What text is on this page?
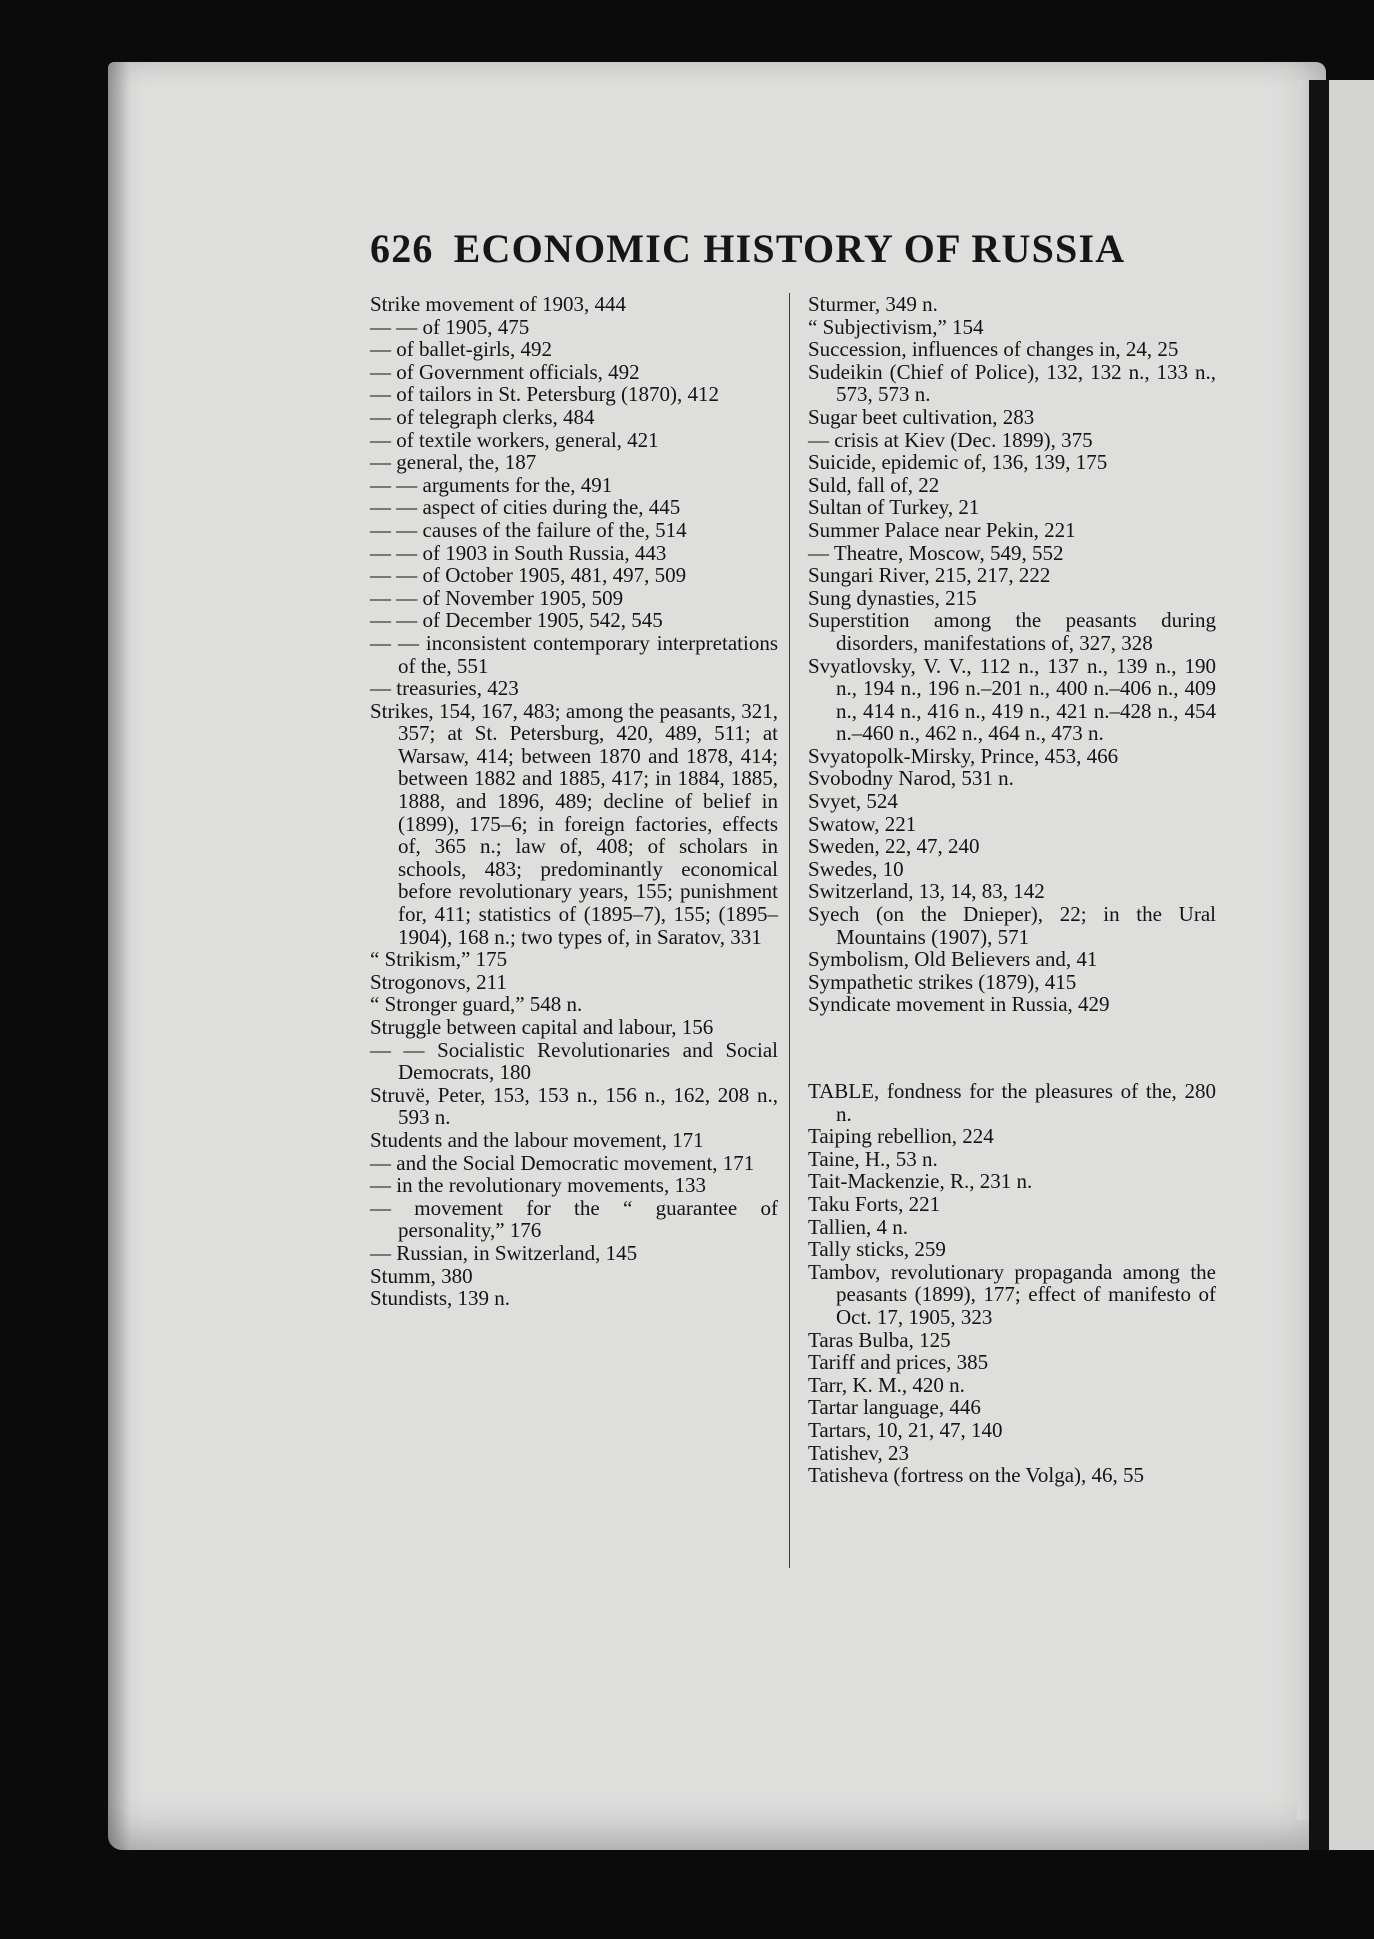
626 ECONOMIC HISTORY OF RUSSIA

Strike movement of 1903, 444

— — of 1905, 475

— of ballet-girls, 492

— of Government officials, 492

— of tailors in St. Petersburg (1870), 412

— of telegraph clerks, 484

— of textile workers, general, 421

— general, the, 187

— — arguments for the, 491

— — aspect of cities during the, 445

— — causes of the failure of the, 514

— — of 1903 in South Russia, 443

— — of October 1905, 481, 497, 509

— — of November 1905, 509

— — of December 1905, 542, 545

— — inconsistent contemporary interpretations of the, 551

— treasuries, 423

Strikes, 154, 167, 483; among the peasants, 321, 357; at St. Petersburg, 420, 489, 511; at Warsaw, 414; between 1870 and 1878, 414; between 1882 and 1885, 417; in 1884, 1885, 1888, and 1896, 489; decline of belief in (1899), 175–6; in foreign factories, effects of, 365 n.; law of, 408; of scholars in schools, 483; predominantly economical before revolutionary years, 155; punishment for, 411; statistics of (1895–7), 155; (1895–1904), 168 n.; two types of, in Saratov, 331

“ Strikism,” 175

Strogonovs, 211

“ Stronger guard,” 548 n.

Struggle between capital and labour, 156

— — Socialistic Revolutionaries and Social Democrats, 180

Struvë, Peter, 153, 153 n., 156 n., 162, 208 n., 593 n.

Students and the labour movement, 171

— and the Social Democratic movement, 171

— in the revolutionary movements, 133

— movement for the “ guarantee of personality,” 176

— Russian, in Switzerland, 145

Stumm, 380

Stundists, 139 n.

Sturmer, 349 n.

“ Subjectivism,” 154

Succession, influences of changes in, 24, 25

Sudeikin (Chief of Police), 132, 132 n., 133 n., 573, 573 n.

Sugar beet cultivation, 283

— crisis at Kiev (Dec. 1899), 375

Suicide, epidemic of, 136, 139, 175

Suld, fall of, 22

Sultan of Turkey, 21

Summer Palace near Pekin, 221

— Theatre, Moscow, 549, 552

Sungari River, 215, 217, 222

Sung dynasties, 215

Superstition among the peasants during disorders, manifestations of, 327, 328

Svyatlovsky, V. V., 112 n., 137 n., 139 n., 190 n., 194 n., 196 n.–201 n., 400 n.–406 n., 409 n., 414 n., 416 n., 419 n., 421 n.–428 n., 454 n.–460 n., 462 n., 464 n., 473 n.

Svyatopolk-Mirsky, Prince, 453, 466

Svobodny Narod, 531 n.

Svyet, 524

Swatow, 221

Sweden, 22, 47, 240

Swedes, 10

Switzerland, 13, 14, 83, 142

Syech (on the Dnieper), 22; in the Ural Mountains (1907), 571

Symbolism, Old Believers and, 41

Sympathetic strikes (1879), 415

Syndicate movement in Russia, 429

TABLE, fondness for the pleasures of the, 280 n.

Taiping rebellion, 224

Taine, H., 53 n.

Tait-Mackenzie, R., 231 n.

Taku Forts, 221

Tallien, 4 n.

Tally sticks, 259

Tambov, revolutionary propaganda among the peasants (1899), 177; effect of manifesto of Oct. 17, 1905, 323

Taras Bulba, 125

Tariff and prices, 385

Tarr, K. M., 420 n.

Tartar language, 446

Tartars, 10, 21, 47, 140

Tatishev, 23

Tatisheva (fortress on the Volga), 46, 55
